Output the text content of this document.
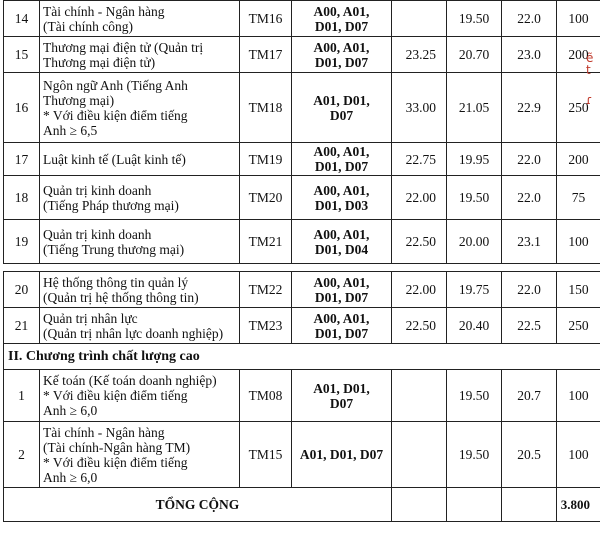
14	Tài chính - Ngân hàng
(Tài chính công)	TM16	A00, A01,
D01, D07		19.50	22.0	100
15	Thương mại điện tử (Quản trị
Thương mại điện tử)	TM17	A00, A01,
D01, D07	23.25	20.70	23.0	200
16	Ngôn ngữ Anh (Tiếng Anh
Thương mại)
* Với điều kiện điểm tiếng
Anh ≥ 6,5	TM18	A01, D01,
D07	33.00	21.05	22.9	250
17	Luật kinh tế (Luật kinh tế)	TM19	A00, A01,
D01, D07	22.75	19.95	22.0	200
18	Quản trị kinh doanh
(Tiếng Pháp thương mại)	TM20	A00, A01,
D01, D03	22.00	19.50	22.0	75
19	Quản trị kinh doanh
(Tiếng Trung thương mại)	TM21	A00, A01,
D01, D04	22.50	20.00	23.1	100

20	Hệ thống thông tin quản lý
(Quản trị hệ thống thông tin)	TM22	A00, A01,
D01, D07	22.00	19.75	22.0	150
21	Quản trị nhân lực
(Quản trị nhân lực doanh nghiệp)	TM23	A00, A01,
D01, D07	22.50	20.40	22.5	250
II. Chương trình chất lượng cao							
1	Kế toán (Kế toán doanh nghiệp)
* Với điều kiện điểm tiếng
Anh ≥ 6,0	TM08	A01, D01,
D07		19.50	20.7	100
2	Tài chính - Ngân hàng
(Tài chính-Ngân hàng TM)
* Với điều kiện điểm tiếng
Anh ≥ 6,0	TM15	A01, D01, D07		19.50	20.5	100
TỔNG CỘNG							3.800
ẽ
t
ɾ
